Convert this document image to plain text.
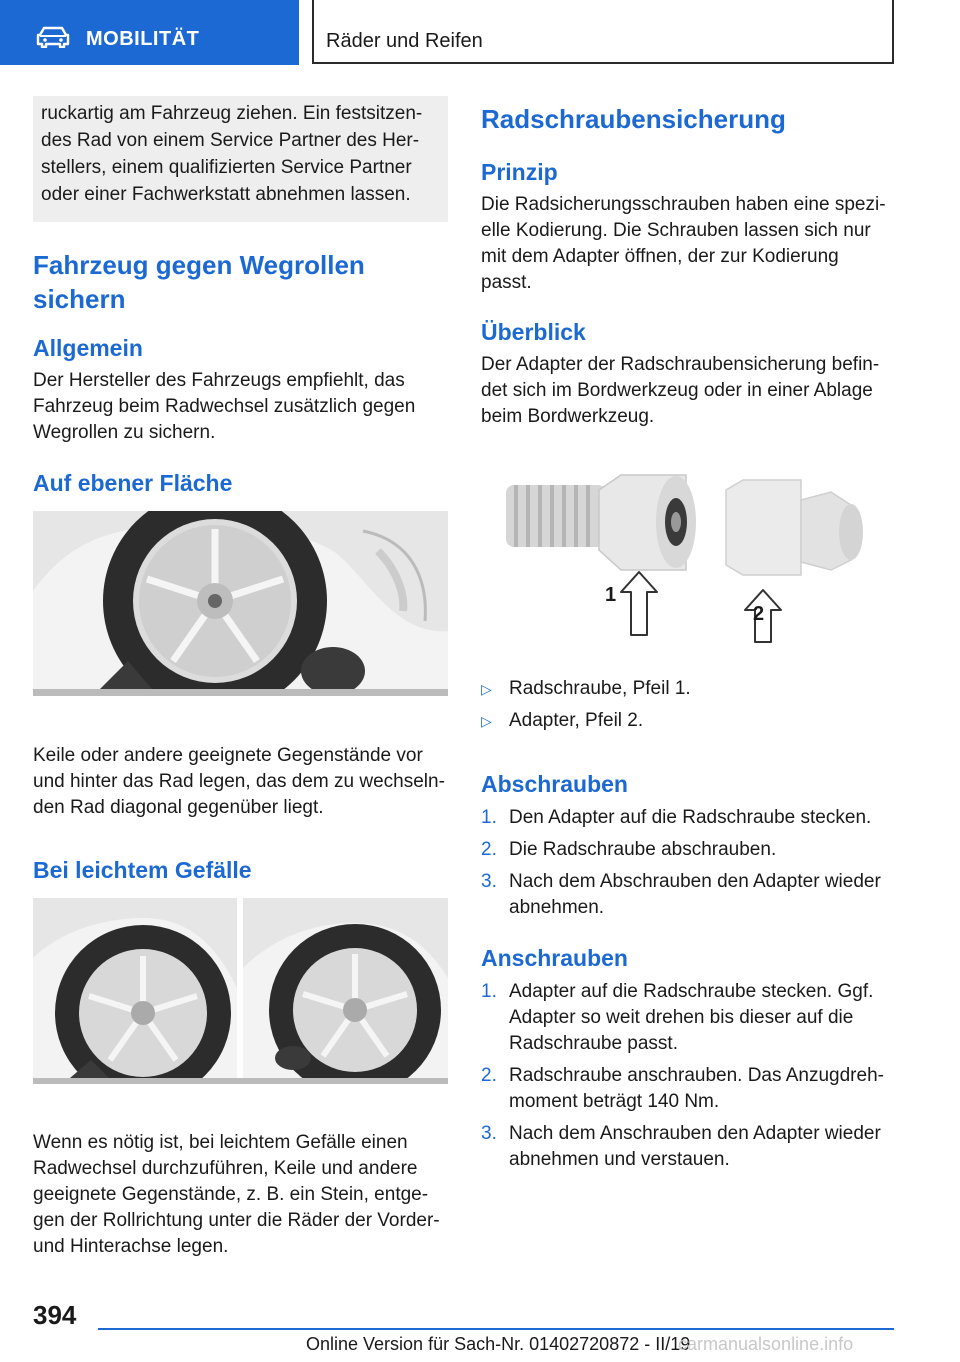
MOBILITÄT	Räder und Reifen

ruckartig am Fahrzeug ziehen. Ein festsitzen-

des Rad von einem Service Partner des Her-

stellers, einem qualifizierten Service Partner

oder einer Fachwerkstatt abnehmen lassen.

Fahrzeug gegen Wegrollen
sichern
Allgemein
Der Hersteller des Fahrzeugs empfiehlt, das
Fahrzeug beim Radwechsel zusätzlich gegen
Wegrollen zu sichern.
Auf ebener Fläche
Keile oder andere geeignete Gegenstände vor
und hinter das Rad legen, das dem zu wechseln-
den Rad diagonal gegenüber liegt.
Bei leichtem Gefälle
Wenn es nötig ist, bei leichtem Gefälle einen
Radwechsel durchzuführen, Keile und andere
geeignete Gegenstände, z. B. ein Stein, entge-
gen der Rollrichtung unter die Räder der Vorder-
und Hinterachse legen.
Radschraubensicherung
Prinzip
Die Radsicherungsschrauben haben eine spezi-
elle Kodierung. Die Schrauben lassen sich nur
mit dem Adapter öffnen, der zur Kodierung
passt.
Überblick
Der Adapter der Radschraubensicherung befin-
det sich im Bordwerkzeug oder in einer Ablage
beim Bordwerkzeug.
1
2
▷ Radschraube, Pfeil 1.
▷ Adapter, Pfeil 2.
Abschrauben
1. Den Adapter auf die Radschraube stecken.
2. Die Radschraube abschrauben.
3. Nach dem Abschrauben den Adapter wieder
abnehmen.
Anschrauben
1. Adapter auf die Radschraube stecken. Ggf.
Adapter so weit drehen bis dieser auf die
Radschraube passt.
2. Radschraube anschrauben. Das Anzugdreh-
moment beträgt 140 Nm.
3. Nach dem Anschrauben den Adapter wieder
abnehmen und verstauen.
394
Online Version für Sach-Nr. 01402720872 - II/19
carmanualsonline.info
